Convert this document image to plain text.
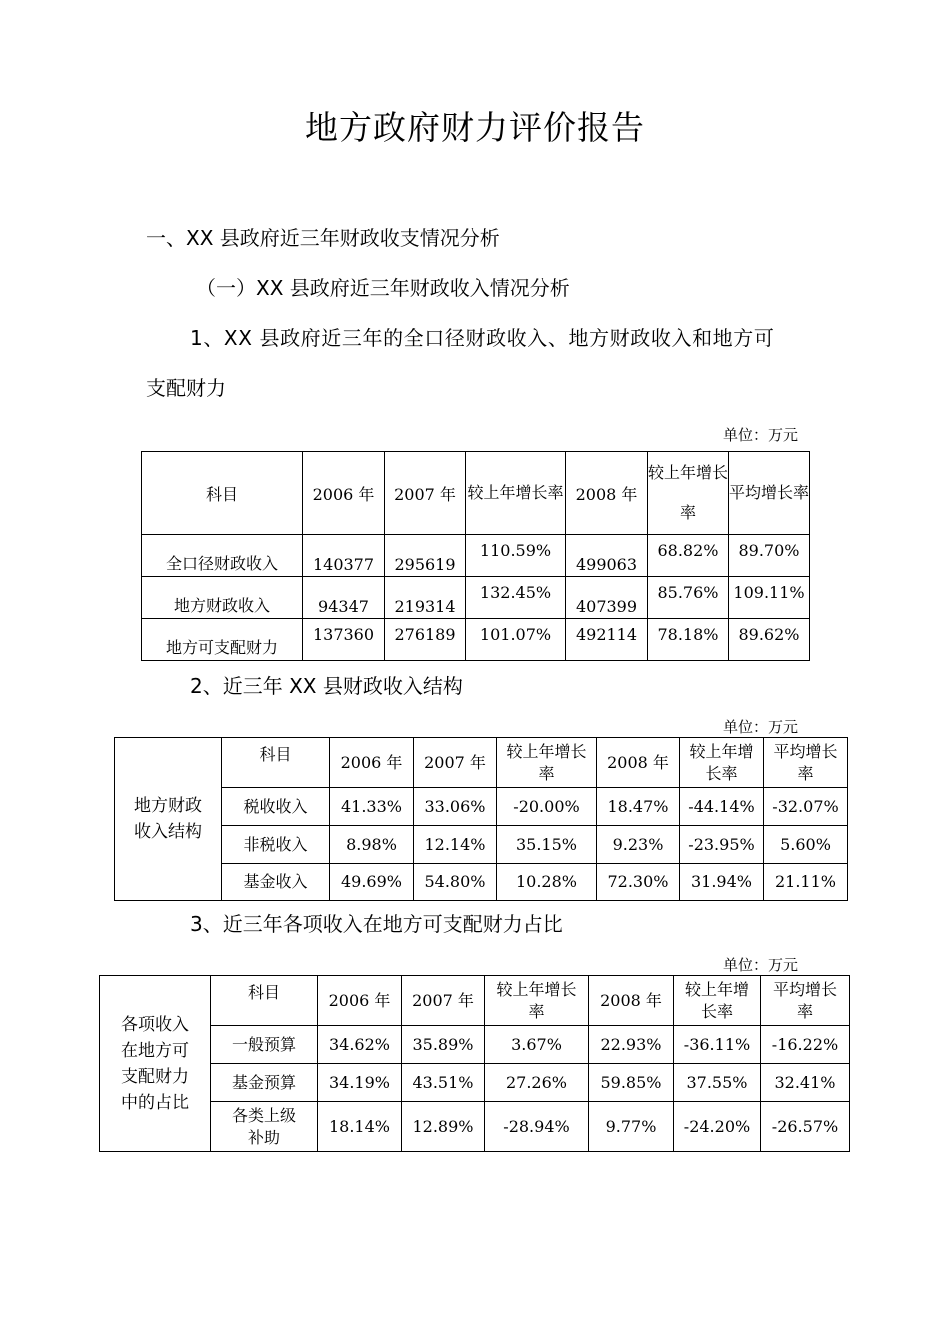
地方政府财力评价报告
一、XX 县政府近三年财政收支情况分析
（一）XX 县政府近三年财政收入情况分析
1、XX 县政府近三年的全口径财政收入、地方财政收入和地方可
支配财力
单位：万元
科目	2006 年	2007 年	较上年增长率	2008 年	较上年增长率	平均增长率
全口径财政收入	140377	295619	110.59%	499063	68.82%	89.70%
地方财政收入	94347	219314	132.45%	407399	85.76%	109.11%
地方可支配财力	137360	276189	101.07%	492114	78.18%	89.62%
2、近三年 XX 县财政收入结构
单位：万元
地方财政收入结构	科目	2006 年	2007 年	较上年增长率	2008 年	较上年增长率	平均增长率

	税收收入	41.33%	33.06%	-20.00%	18.47%	-44.14%	-32.07%
	非税收入	8.98%	12.14%	35.15%	9.23%	-23.95%	5.60%
	基金收入	49.69%	54.80%	10.28%	72.30%	31.94%	21.11%
3、近三年各项收入在地方可支配财力占比
单位：万元
各项收入在地方可支配财力中的占比	科目	2006 年	2007 年	较上年增长率	2008 年	较上年增长率	平均增长率

	一般预算	34.62%	35.89%	3.67%	22.93%	-36.11%	-16.22%
	基金预算	34.19%	43.51%	27.26%	59.85%	37.55%	32.41%

	各类上级补助	18.14%	12.89%	-28.94%	9.77%	-24.20%	-26.57%
